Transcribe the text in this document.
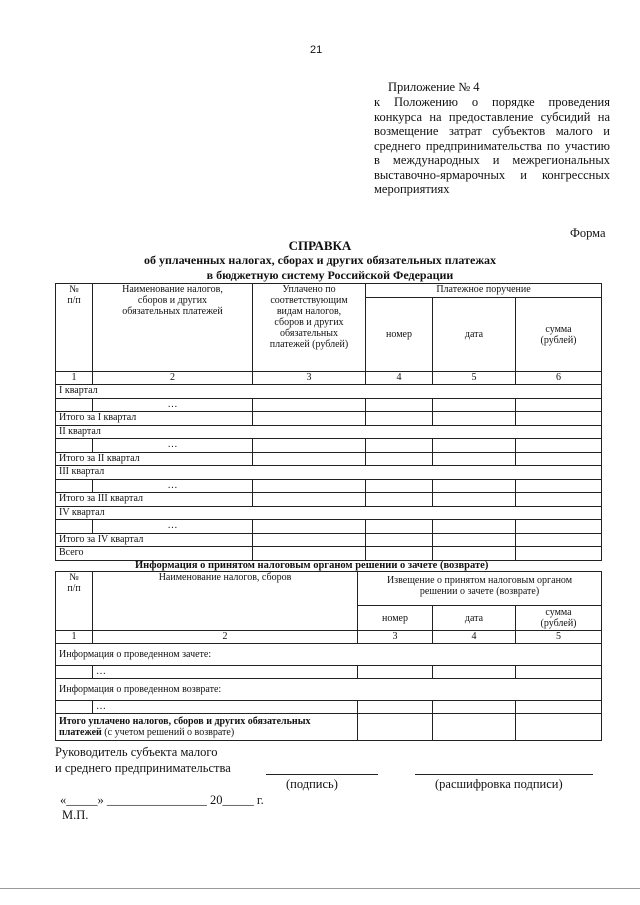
21
Приложение № 4
к Положению о порядке проведения конкурса на предоставление субсидий на возмещение затрат субъектов малого и среднего предпринимательства по участию в международных и межрегиональных выставочно-ярмарочных и конгрессных мероприятиях
Форма
СПРАВКА
об уплаченных налогах, сборах и других обязательных платежах
в бюджетную систему Российской Федерации
№ п/п	Наименование налогов, сборов и других обязательных платежей	Уплачено по соответствующим видам налогов, сборов и других обязательных платежей (рублей)	Платежное поручение		
			номер	дата	сумма (рублей)
1	2	3	4	5	6
I квартал					
	…				
Итого за I квартал					
II квартал					
	…				
Итого за II квартал					
III квартал					
	…				
Итого за III квартал					
IV квартал					
	…				
Итого за IV квартал					
Всего					
Информация о принятом налоговым органом решении о зачете (возврате)
№ п/п	Наименование налогов, сборов	Извещение о принятом налоговым органом решении о зачете (возврате)		
		номер	дата	сумма (рублей)
1	2	3	4	5
Информация о проведенном зачете:				
	…			
Информация о проведенном возврате:				
	…			
Итого уплачено налогов, сборов и других обязательных платежей (с учетом решений о возврате)				
Руководитель субъекта малого
и среднего предпринимательства
(подпись)	(расшифровка подписи)
«_____» ________________ 20_____ г.
М.П.
